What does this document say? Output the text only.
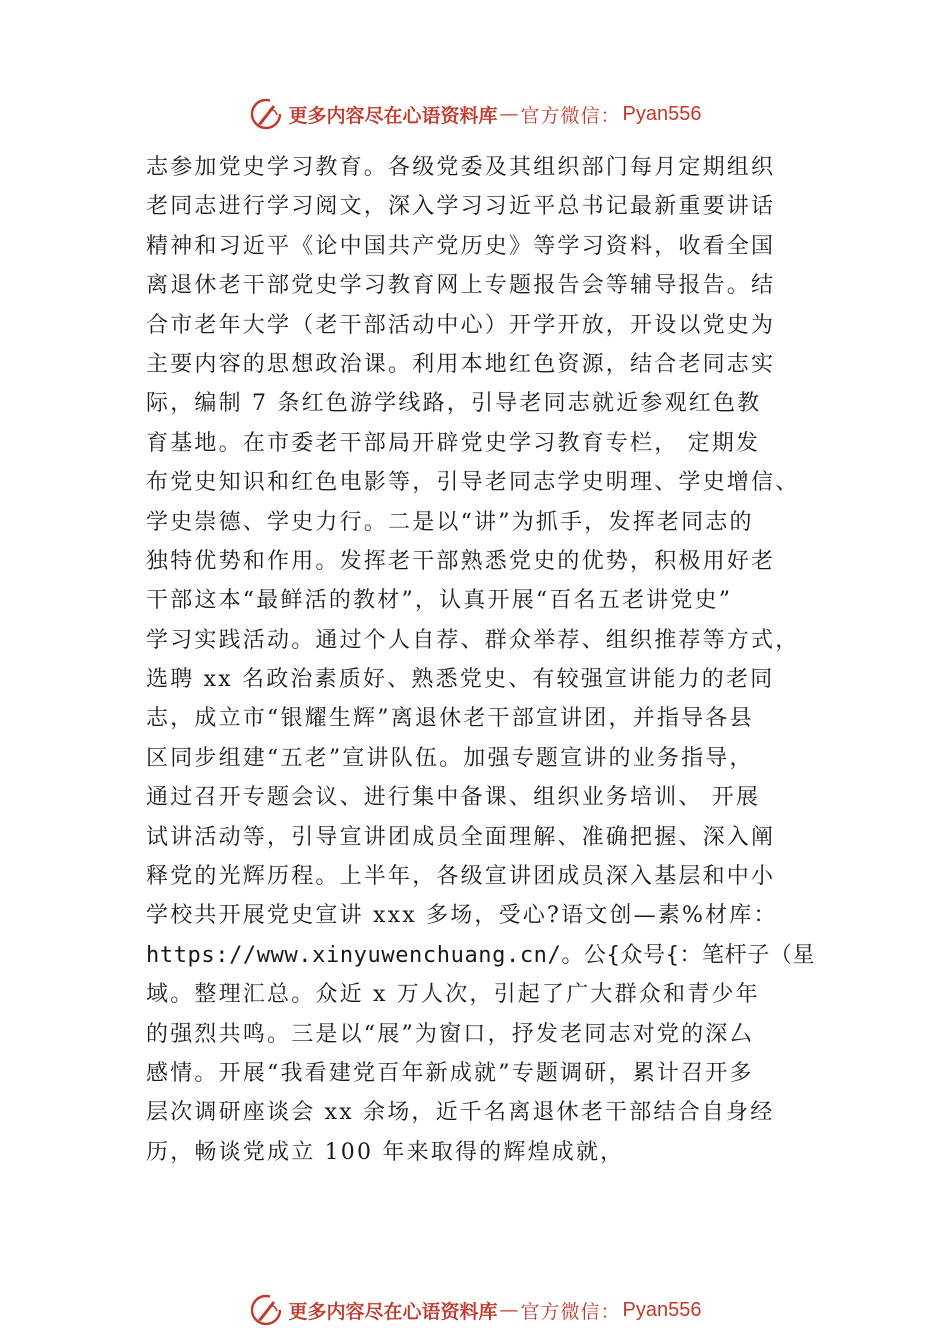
更多内容尽在心语资料库 — 官方微信： Pyan556
志参加党史学习教育。各级党委及其组织部门每月定期组织
老同志进行学习阅文，深入学习习近平总书记最新重要讲话
精神和习近平《论中国共产党历史》等学习资料，收看全国
离退休老干部党史学习教育网上专题报告会等辅导报告。结
合市老年大学（老干部活动中心）开学开放，开设以党史为
主要内容的思想政治课。利用本地红色资源，结合老同志实
际，编制 7 条红色游学线路，引导老同志就近参观红色教
育基地。在市委老干部局开辟党史学习教育专栏， 定期发
布党史知识和红色电影等，引导老同志学史明理、学史增信、
学史崇德、学史力行。二是以“讲”为抓手，发挥老同志的
独特优势和作用。发挥老干部熟悉党史的优势，积极用好老
干部这本“最鲜活的教材”，认真开展“百名五老讲党史”
学习实践活动。通过个人自荐、群众举荐、组织推荐等方式，
选聘 xx 名政治素质好、熟悉党史、有较强宣讲能力的老同
志，成立市“银耀生辉”离退休老干部宣讲团，并指导各县
区同步组建“五老”宣讲队伍。加强专题宣讲的业务指导，
通过召开专题会议、进行集中备课、组织业务培训、 开展
试讲活动等，引导宣讲团成员全面理解、准确把握、深入阐
释党的光辉历程。上半年，各级宣讲团成员深入基层和中小
学校共开展党史宣讲 xxx 多场，受心?语文创—素%材库：
https://www.xinyuwenchuang.cn/。公{众号{：笔杆子（星
域。整理汇总。众近 x 万人次，引起了广大群众和青少年
的强烈共鸣。三是以“展”为窗口，抒发老同志对党的深厶
感情。开展“我看建党百年新成就”专题调研，累计召开多
层次调研座谈会 xx 余场，近千名离退休老干部结合自身经
历，畅谈党成立 100 年来取得的辉煌成就，
更多内容尽在心语资料库 — 官方微信： Pyan556
